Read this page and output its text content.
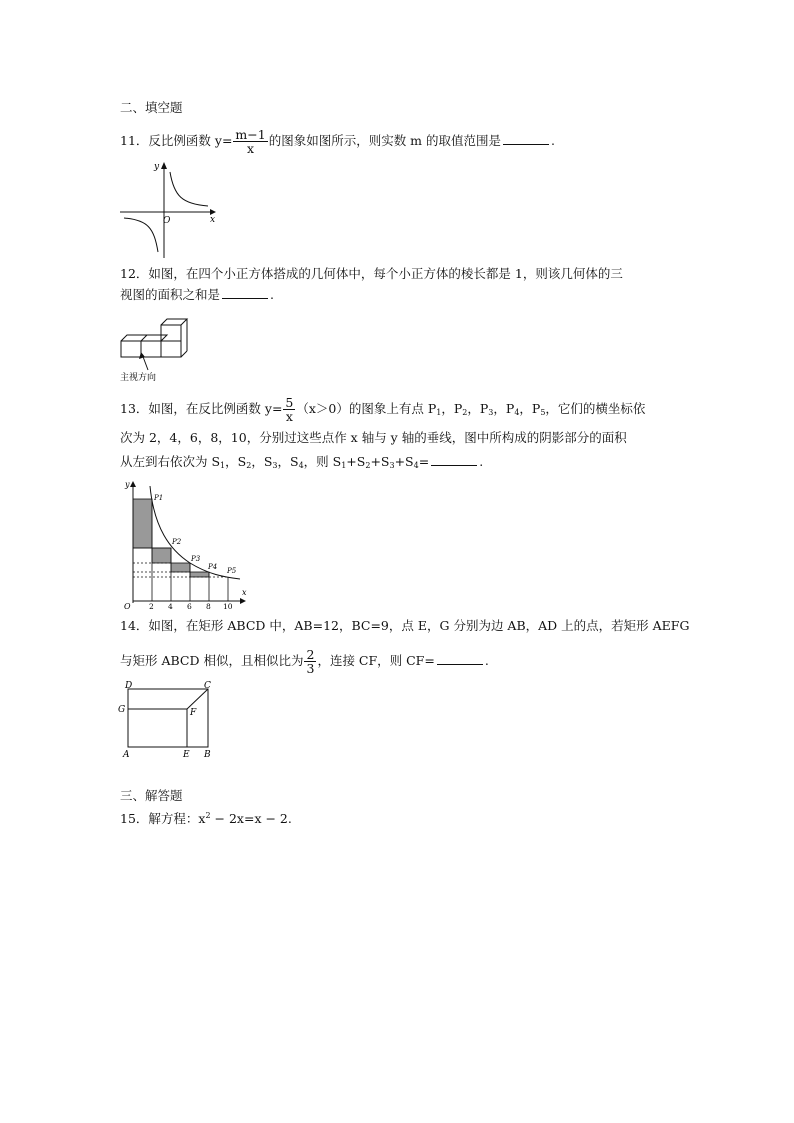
二、填空题
11．反比例函数 $y= \frac{m-1}{x}$ 的图象如图所示，则实数 m 的取值范围是	.
y
x
O
12．如图，在四个小正方体搭成的几何体中，每个小正方体的棱长都是 1，则该几何体的三
视图的面积之和是	.
主视方向
13．如图，在反比例函数 $y= \frac{5}{x} (x>0)$的图象上有点 $P_1$，$P_2$，$P_3$，$P_4$，$P_5$，它们的横坐标依
次为 2，4，6，8，10，分别过这些点作 x 轴与 y 轴的垂线，图中所构成的阴影部分的面积
从左到右依次为 $S_1$，$S_2$，$S_3$，$S_4$，则 $S_1+S_2+S_3+S_4=$	.
y
x
O 2 4 6 8 10
P1
P2
P3
P4 P5
14．如图，在矩形 ABCD 中，AB=12，BC=9，点 E，G 分别为边 AB，AD 上的点，若矩形 AEFG
与矩形 ABCD 相似，且相似比为 $\frac{2}{3}$ ，连接 CF，则 CF=	.
D	C
G	F
A	E B
三、解答题
15．解方程：$x^2 - 2x=x - 2$.
